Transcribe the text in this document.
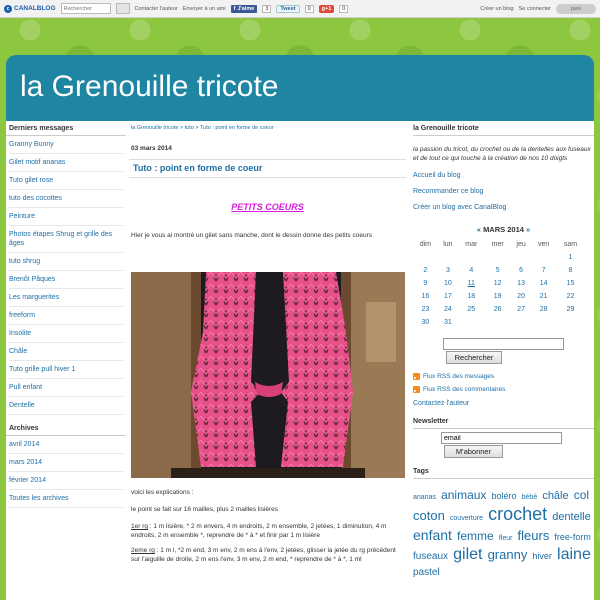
c CANALBLOG
Rechercher	Contacter l'auteur Envoyer à un ami f J'aime	3	Tweet	0	g+1	0	Créer un blog Se connecter	pure
la Grenouille tricote
Derniers messages
Granny Bunny
Gilet motif ananas
Tuto gilet rose
tuto des cocottes
Peinture
Photos étapes Shrug et grille des âges
tuto shrug
Brenôt Pâques
Les marguerites
freeform
Insolite
Châle
Tuto grille pull hiver 1
Pull enfant
Dentelle
Archives
avril 2014
mars 2014
février 2014
Toutes les archives
la Grenouille tricote > tuto > Tuto : point en forme de coeur
03 mars 2014
Tuto : point en forme de coeur
PETITS COEURS
Hier je vous ai montré un gilet sans manche, dont le dessin donne des petits coeurs
voici les explications :
le point se fait sur 16 mailles, plus 2 mailles lisières
1er rg : 1 m lisière, * 2 m envers, 4 m endroits, 2 m ensemble, 2 jetées, 1 diminution, 4 m endroits, 2 m ensemble *, reprendre de * à * et finir par 1 m lisière
2eme rg : 1 m l, *2 m end, 3 m env, 2 m ens à l'env, 2 jetées, glisser la jetée du rg précédent sur l'aiguille de droite, 2 m ens l'env, 3 m env, 2 m end, * reprendre de * à *, 1 ml
la Grenouille tricote
la passion du tricot, du crochet ou de la dentelles aux fuseaux et de tout ce qui touche à la création de nos 10 doigts
Accueil du blog
Recommander ce blog
Créer un blog avec CanalBlog
« MARS 2014 »
dim	lun	mar	mer	jeu	ven	sam
						1
2	3	4	5	6	7	8
9	10	11	12	13	14	15
16	17	18	19	20	21	22
23	24	25	26	27	28	29
30	31					
Rechercher
Flux RSS des messages
Flux RSS des commentaires
Contactez l'auteur
Newsletter
email
M'abonner
Tags
ananas animaux boléro bébé châle col coton couverture crochet dentelle enfant femme fleur fleurs free-form fuseaux gilet granny hiver laine pastel
